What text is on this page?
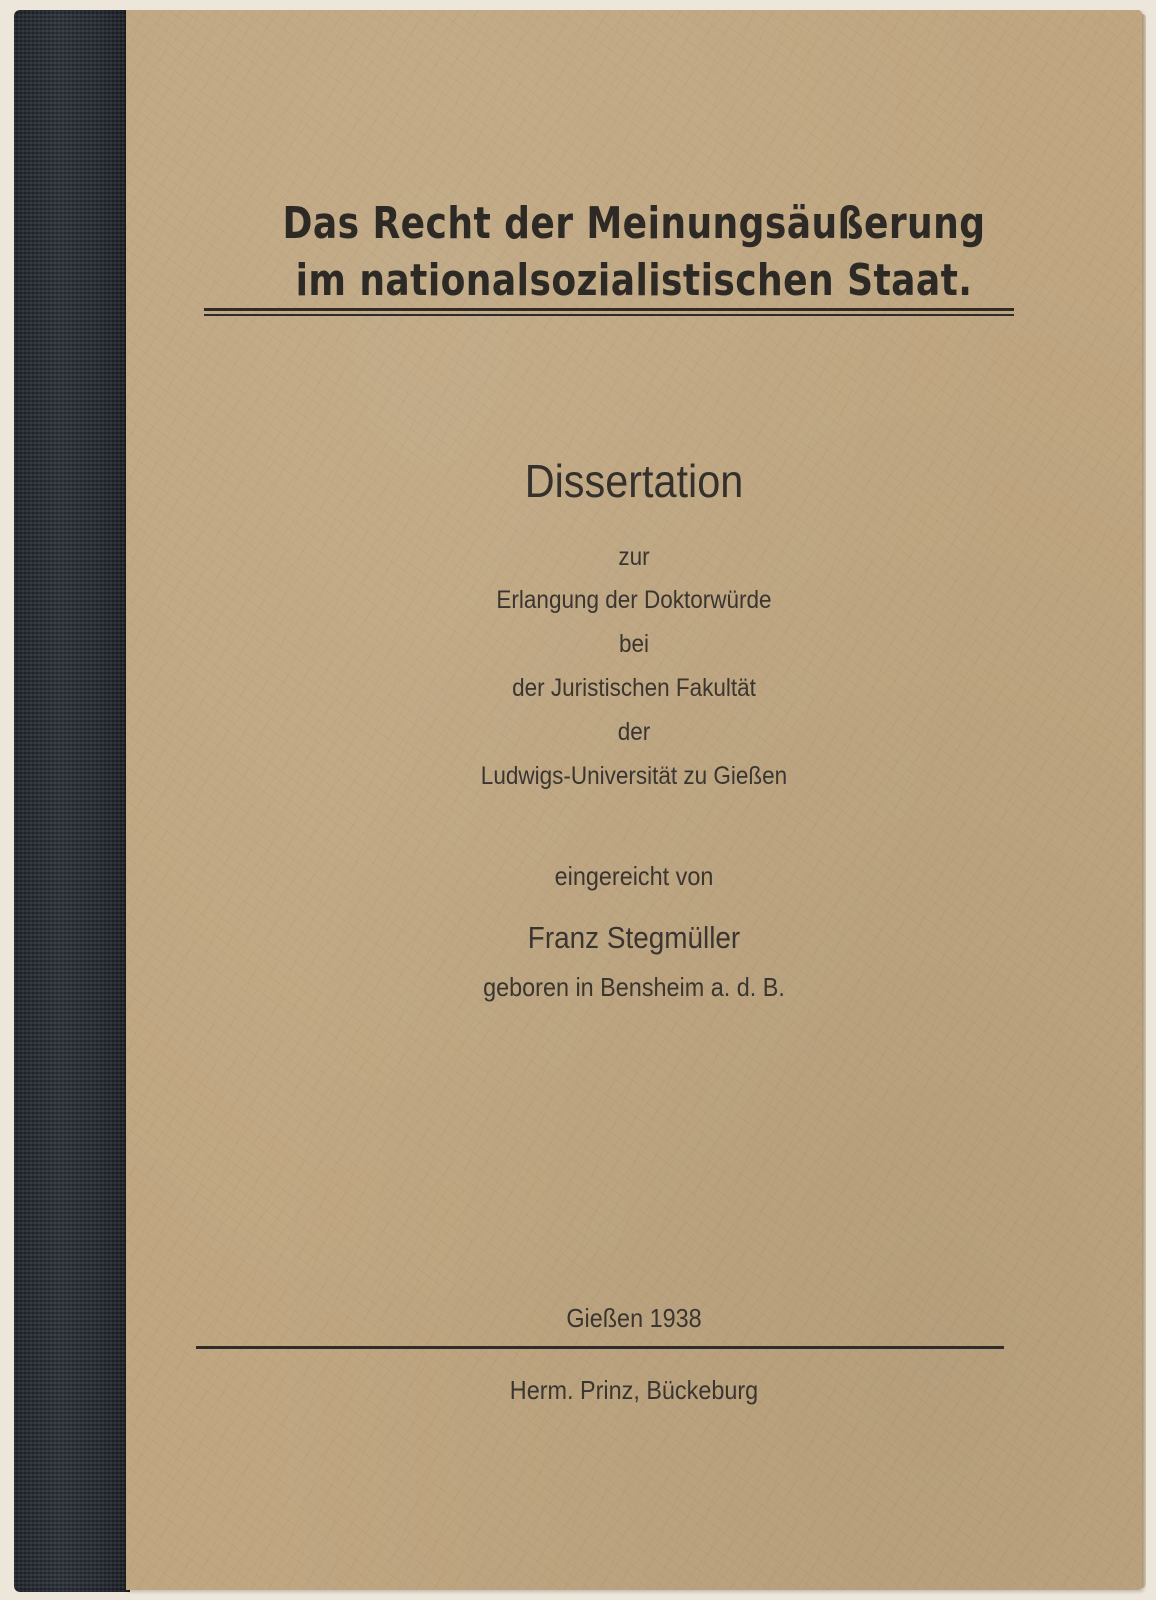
Das Recht der Meinungsäußerung
im nationalsozialistischen Staat.
Dissertation
zur
Erlangung der Doktorwürde
bei
der Juristischen Fakultät
der
Ludwigs-Universität zu Gießen
eingereicht von
Franz Stegmüller
geboren in Bensheim a. d. B.
Gießen 1938
Herm. Prinz, Bückeburg
